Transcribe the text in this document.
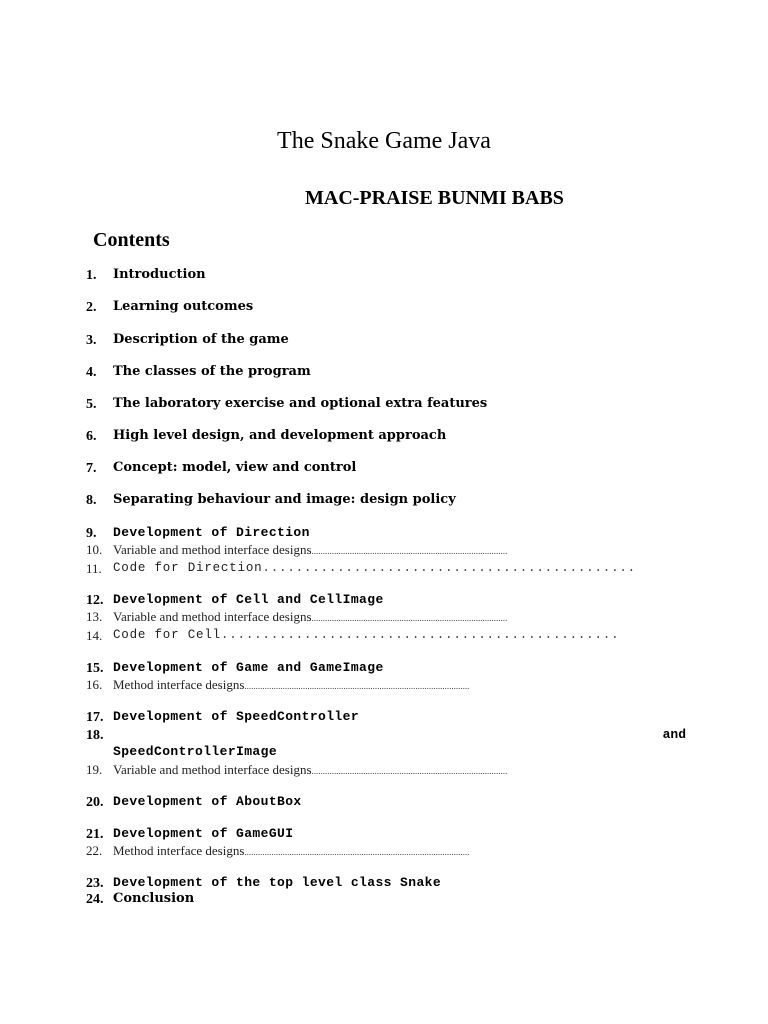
The Snake Game Java
MAC-PRAISE BUNMI BABS
Contents
1. Introduction
2. Learning outcomes
3. Description of the game
4. The classes of the program
5. The laboratory exercise and optional extra features
6. High level design, and development approach
7. Concept: model, view and control
8. Separating behaviour and image: design policy
9. Development of Direction
10. Variable and method interface designs.......................................................................................
11. Code for Direction.............................................
12. Development of Cell and CellImage
13. Variable and method interface designs.......................................................................................
14. Code for Cell................................................
15. Development of Game and GameImage
16. Method interface designs....................................................................................................
17. Development of SpeedController
18.	and
SpeedControllerImage
19. Variable and method interface designs.......................................................................................
20. Development of AboutBox
21. Development of GameGUI
22. Method interface designs....................................................................................................
23. Development of the top level class Snake
24. Conclusion
